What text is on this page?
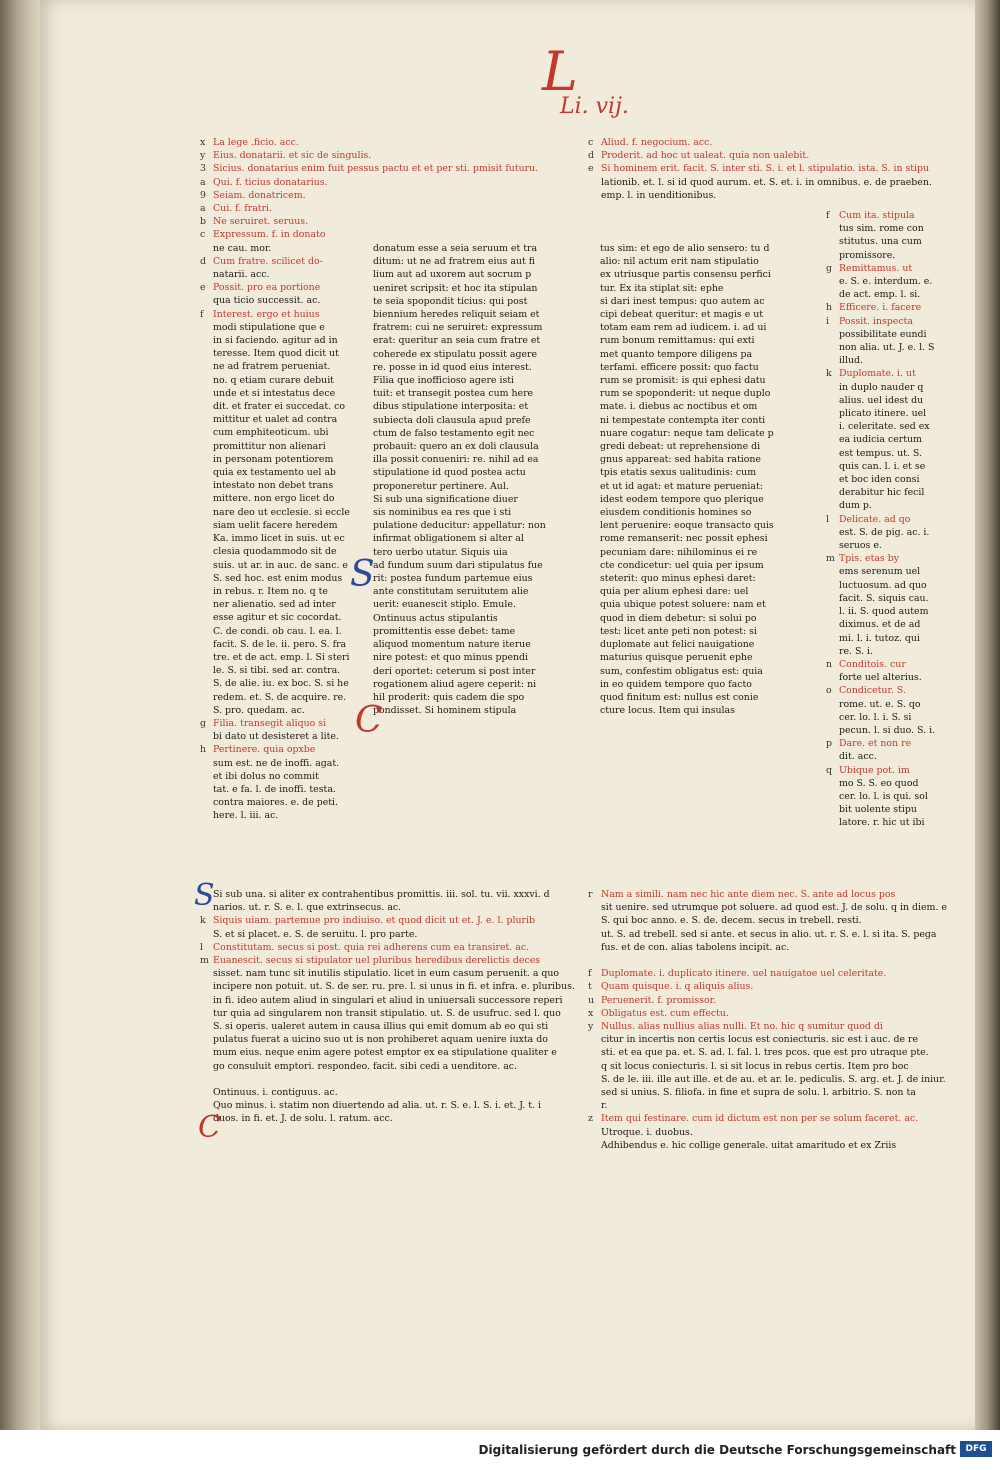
L
Li. vij.
x La lege .ficio. acc.
y Eius. donatarii. et sic de singulis.
3 Sicius. donatarius enim fuit pessus pactu et et per sti. pmisit futuru.
a Qui. f. ticius donatarius.
9 Seiam. donatricem.
a Cui. f. fratri.
b Ne seruiret. seruus.
c Expressum. f. in donato
ne cau. mor.
d Cum fratre. scilicet do-
natarii. acc.
e Possit. pro ea portione
qua ticio successit. ac.
f Interest. ergo et huius
modi stipulatione que e
in si faciendo. agitur ad in
teresse. Item quod dicit ut
ne ad fratrem perueniat.
no. q etiam curare debuit
unde et si intestatus dece
dit. et frater ei succedat. co
mittitur et ualet ad contra
cum emphiteoticum. ubi
promittitur non alienari
in personam potentiorem
quia ex testamento uel ab
intestato non debet trans
mittere. non ergo licet do
nare deo ut ecclesie. si eccle
siam uelit facere heredem
Ka. immo licet in suis. ut ec
clesia quodammodo sit de
suis. ut ar. in auc. de sanc. e
S. sed hoc. est enim modus
in rebus. r. Item no. q te
ner alienatio. sed ad inter
esse agitur et sic cocordat.
C. de condi. ob cau. l. ea. l.
facit. S. de le. ii. pero. S. fra
tre. et de act. emp. l. Si steri
le. S. si tibi. sed ar. contra.
S. de alie. iu. ex boc. S. si he
redem. et. S. de acquire. re.
S. pro. quedam. ac.
g Filia. transegit aliquo si
bi dato ut desisteret a lite.
h Pertinere. quia opxbe
sum est. ne de inoffi. agat.
et ibi dolus no commit
tat. e fa. l. de inoffi. testa.
contra maiores. e. de peti.
here. l. iii. ac.
donatum esse a seia seruum et tra
ditum: ut ne ad fratrem eius aut fi
lium aut ad uxorem aut socrum p
ueniret scripsit: et hoc ita stipulan
te seia spopondit ticius: qui post
biennium heredes reliquit seiam et
fratrem: cui ne seruiret: expressum
erat: queritur an seia cum fratre et
coherede ex stipulatu possit agere
re. posse in id quod eius interest.
Filia que inofficioso agere isti
tuit: et transegit postea cum here
dibus stipulatione interposita: et
subiecta doli clausula apud prefe
ctum de falso testamento egit nec
probauit: quero an ex doli clausula
illa possit conueniri: re. nihil ad ea
stipulatione id quod postea actu
proponeretur pertinere. Aul.
Si sub una significatione diuer
sis nominibus ea res que i sti
pulatione deducitur: appellatur: non
infirmat obligationem si alter al
tero uerbo utatur. Siquis uia
ad fundum suum dari stipulatus fue
rit: postea fundum partemue eius
ante constitutam seruitutem alie
uerit: euanescit stiplo. Emule.
Ontinuus actus stipulantis
promittentis esse debet: tame
aliquod momentum nature iterue
nire potest: et quo minus ppendi
deri oportet: ceterum si post inter
rogationem aliud agere ceperit: ni
hil proderit: quis cadem die spo
pondisset. Si hominem stipula
S
C
tus sim: et ego de alio sensero: tu d
alio: nil actum erit nam stipulatio
ex utriusque partis consensu perfici
tur. Ex ita stiplat sit: ephe
si dari inest tempus: quo autem ac
cipi debeat queritur: et magis e ut
totam eam rem ad iudicem. i. ad ui
rum bonum remittamus: qui exti
met quanto tempore diligens pa
terfami. efficere possit: quo factu
rum se promisit: is qui ephesi datu
rum se spoponderit: ut neque duplo
mate. i. diebus ac noctibus et om
ni tempestate contempta iter conti
nuare cogatur: neque tam delicate p
gredi debeat: ut reprehensione di
gnus appareat: sed habita ratione
tpis etatis sexus ualitudinis: cum
et ut id agat: et mature perueniat:
idest eodem tempore quo plerique
eiusdem conditionis homines so
lent peruenire: eoque transacto quis
rome remanserit: nec possit ephesi
pecuniam dare: nihilominus ei re
cte condicetur: uel quia per ipsum
steterit: quo minus ephesi daret:
quia per alium ephesi dare: uel
quia ubique potest soluere: nam et
quod in diem debetur: si solui po
test: licet ante peti non potest: si
duplomate aut felici nauigatione
maturius quisque peruenit ephe
sum, confestim obligatus est: quia
in eo quidem tempore quo facto
quod finitum est: nullus est conie
cture locus. Item qui insulas
c Aliud. f. negocium. acc.
d Proderit. ad hoc ut ualeat. quia non ualebit.
e Si hominem erit. facit. S. inter sti. S. i. et l. stipulatio. ista. S. in stipu
lationib. et. l. si id quod aurum. et. S. et. i. in omnibus. e. de praeben.
emp. l. in uenditionibus.
f Cum ita. stipula
tus sim. rome con
stitutus. una cum
promissore.
g Remittamus. ut
e. S. e. interdum. e.
de act. emp. l. si.
h Efficere. i. facere
i Possit. inspecta
possibilitate eundi
non alia. ut. J. e. l. S
illud.
k Duplomate. i. ut
in duplo nauder q
alius. uel idest du
plicato itinere. uel
i. celeritate. sed ex
ea iudicia certum
est tempus. ut. S.
quis can. l. i. et se
et boc iden consi
derabitur hic fecil
dum p.
l Delicate. ad qo
est. S. de pig. ac. i.
seruos e.
m Tpis. etas by
ems serenum uel
luctuosum. ad quo
facit. S. siquis cau.
l. ii. S. quod autem
diximus. et de ad
mi. l. i. tutoz. qui
re. S. i.
n Conditois. cur
forte uel alterius.
o Condicetur. S.
rome. ut. e. S. qo
cer. lo. l. i. S. si
pecun. l. si duo. S. i.
p Dare. et non re
dit. acc.
q Ubique pot. im
mo S. S. eo quod
cer. lo. l. is qui. sol
bit uolente stipu
latore. r. hic ut ibi
Si sub una. si aliter ex contrahentibus promittis. iii. sol. tu. vii. xxxvi. d
narios. ut. r. S. e. l. que extrinsecus. ac.
k Siquis uiam. partemue pro indiuiso. et quod dicit ut et. J. e. l. plurib
S. et si placet. e. S. de seruitu. l. pro parte.
l Constitutam. secus si post. quia rei adherens cum ea transiret. ac.
m Euanescit. secus si stipulator uel pluribus heredibus derelictis deces
sisset. nam tunc sit inutilis stipulatio. licet in eum casum peruenit. a quo
incipere non potuit. ut. S. de ser. ru. pre. l. si unus in fi. et infra. e. pluribus.
in fi. ideo autem aliud in singulari et aliud in uniuersali successore reperi
tur quia ad singularem non transit stipulatio. ut. S. de usufruc. sed l. quo
S. si operis. ualeret autem in causa illius qui emit domum ab eo qui sti
pulatus fuerat a uicino suo ut is non prohiberet aquam uenire iuxta do
mum eius. neque enim agere potest emptor ex ea stipulatione qualiter e
go consuluit emptori. respondeo. facit. sibi cedi a uenditore. ac.
Ontinuus. i. contiguus. ac.
Quo minus. i. statim non diuertendo ad alia. ut. r. S. e. l. S. i. et. J. t. i
duos. in fi. et. J. de solu. l. ratum. acc.
S
C
r Nam a simili. nam nec hic ante diem nec. S. ante ad locus pos
sit uenire. sed utrumque pot soluere. ad quod est. J. de solu. q in diem. e
S. qui boc anno. e. S. de. decem. secus in trebell. resti.
ut. S. ad trebell. sed si ante. et secus in alio. ut. r. S. e. l. si ita. S. pega
fus. et de con. alias tabolens incipit. ac.
f Duplomate. i. duplicato itinere. uel nauigatoe uel celeritate.
t Quam quisque. i. q aliquis alius.
u Peruenerit. f. promissor.
x Obligatus est. cum effectu.
y Nullus. alias nullius alias nulli. Et no. hic q sumitur quod di
citur in incertis non certis locus est coniecturis. sic est i auc. de re
sti. et ea que pa. et. S. ad. l. fal. l. tres pcos. que est pro utraque pte.
q sit locus coniecturis. l. si sit locus in rebus certis. Item pro boc
S. de le. iii. ille aut ille. et de au. et ar. le. pediculis. S. arg. et. J. de iniur.
sed si unius. S. filiofa. in fine et supra de solu. l. arbitrio. S. non ta
r.
z Item qui festinare. cum id dictum est non per se solum faceret. ac.
Utroque. i. duobus.
Adhibendus e. hic collige generale. uitat amaritudo et ex Zriis
Digitalisierung gefördert durch die Deutsche Forschungsgemeinschaft	DFG
